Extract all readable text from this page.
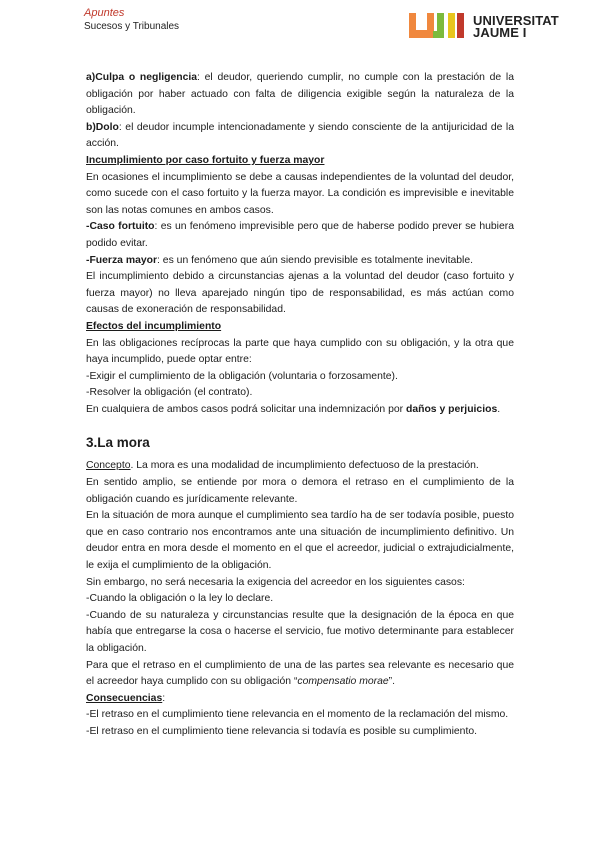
Apuntes
Sucesos y Tribunales	UNIVERSITAT
JAUME I

a)Culpa o negligencia: el deudor, queriendo cumplir, no cumple con la prestación de la obligación por haber actuado con falta de diligencia exigible según la naturaleza de la obligación.

b)Dolo: el deudor incumple intencionadamente y siendo consciente de la antijuricidad de la acción.

Incumplimiento por caso fortuito y fuerza mayor

En ocasiones el incumplimiento se debe a causas independientes de la voluntad del deudor, como sucede con el caso fortuito y la fuerza mayor. La condición es imprevisible e inevitable son las notas comunes en ambos casos.

-Caso fortuito: es un fenómeno imprevisible pero que de haberse podido prever se hubiera podido evitar.

-Fuerza mayor: es un fenómeno que aún siendo previsible es totalmente inevitable.

El incumplimiento debido a circunstancias ajenas a la voluntad del deudor (caso fortuito y fuerza mayor) no lleva aparejado ningún tipo de responsabilidad, es más actúan como causas de exoneración de responsabilidad.

Efectos del incumplimiento

En las obligaciones recíprocas la parte que haya cumplido con su obligación, y la otra que haya incumplido, puede optar entre:

-Exigir el cumplimiento de la obligación (voluntaria o forzosamente).

-Resolver la obligación (el contrato).

En cualquiera de ambos casos podrá solicitar una indemnización por daños y perjuicios.

3.La mora

Concepto. La mora es una modalidad de incumplimiento defectuoso de la prestación.

En sentido amplio, se entiende por mora o demora el retraso en el cumplimiento de la obligación cuando es jurídicamente relevante.

En la situación de mora aunque el cumplimiento sea tardío ha de ser todavía posible, puesto que en caso contrario nos encontramos ante una situación de incumplimiento definitivo. Un deudor entra en mora desde el momento en el que el acreedor, judicial o extrajudicialmente, le exija el cumplimiento de la obligación.

Sin embargo, no será necesaria la exigencia del acreedor en los siguientes casos:

-Cuando la obligación o la ley lo declare.

-Cuando de su naturaleza y circunstancias resulte que la designación de la época en que había que entregarse la cosa o hacerse el servicio, fue motivo determinante para establecer la obligación.

Para que el retraso en el cumplimiento de una de las partes sea relevante es necesario que el acreedor haya cumplido con su obligación “compensatio morae”.

Consecuencias:

-El retraso en el cumplimiento tiene relevancia en el momento de la reclamación del mismo.

-El retraso en el cumplimiento tiene relevancia si todavía es posible su cumplimiento.
